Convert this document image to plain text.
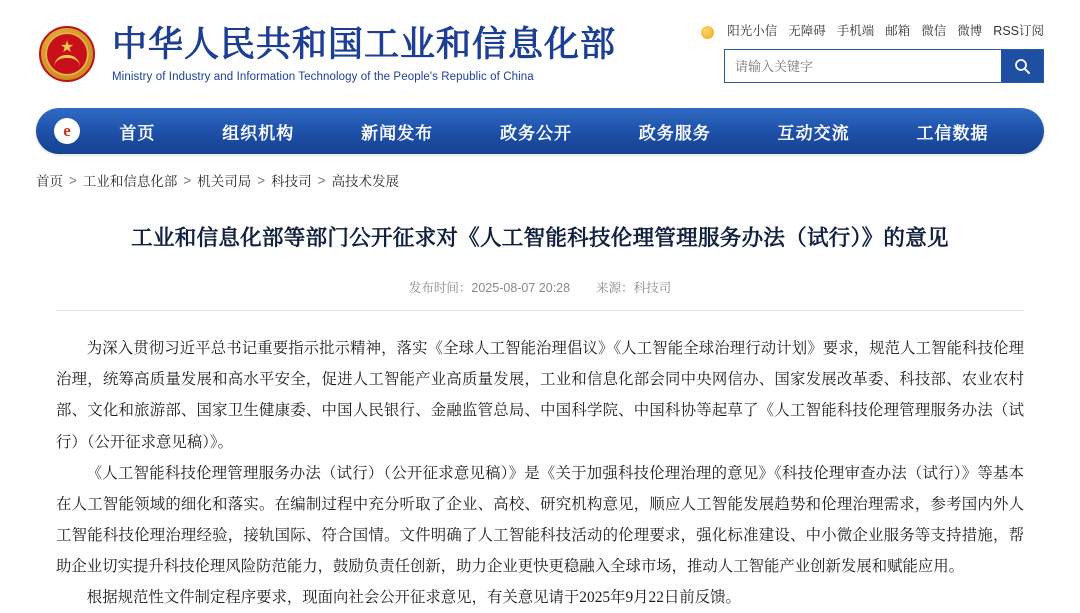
★ 中华人民共和国工业和信息化部
Ministry of Industry and Information Technology of the People's Republic of China
阳光小信 无障碍 手机端 邮箱 微信 微博 RSS订阅
请输入关键字
e	首页	组织机构	新闻发布	政务公开	政务服务	互动交流	工信数据
首页 > 工业和信息化部 > 机关司局 > 科技司 > 高技术发展
工业和信息化部等部门公开征求对《人工智能科技伦理管理服务办法（试行）》的意见
发布时间：2025-08-07 20:28 来源：科技司

为深入贯彻习近平总书记重要指示批示精神，落实《全球人工智能治理倡议》《人工智能全球治理行动计划》要求，规范人工智能科技伦理治理，统筹高质量发展和高水平安全，促进人工智能产业高质量发展，工业和信息化部会同中央网信办、国家发展改革委、科技部、农业农村部、文化和旅游部、国家卫生健康委、中国人民银行、金融监管总局、中国科学院、中国科协等起草了《人工智能科技伦理管理服务办法（试行）（公开征求意见稿）》。

《人工智能科技伦理管理服务办法（试行）（公开征求意见稿）》是《关于加强科技伦理治理的意见》《科技伦理审查办法（试行）》等基本在人工智能领域的细化和落实。在编制过程中充分听取了企业、高校、研究机构意见，顺应人工智能发展趋势和伦理治理需求，参考国内外人工智能科技伦理治理经验，接轨国际、符合国情。文件明确了人工智能科技活动的伦理要求，强化标准建设、中小微企业服务等支持措施，帮助企业切实提升科技伦理风险防范能力，鼓励负责任创新，助力企业更快更稳融入全球市场，推动人工智能产业创新发展和赋能应用。

根据规范性文件制定程序要求，现面向社会公开征求意见，有关意见请于2025年9月22日前反馈。
